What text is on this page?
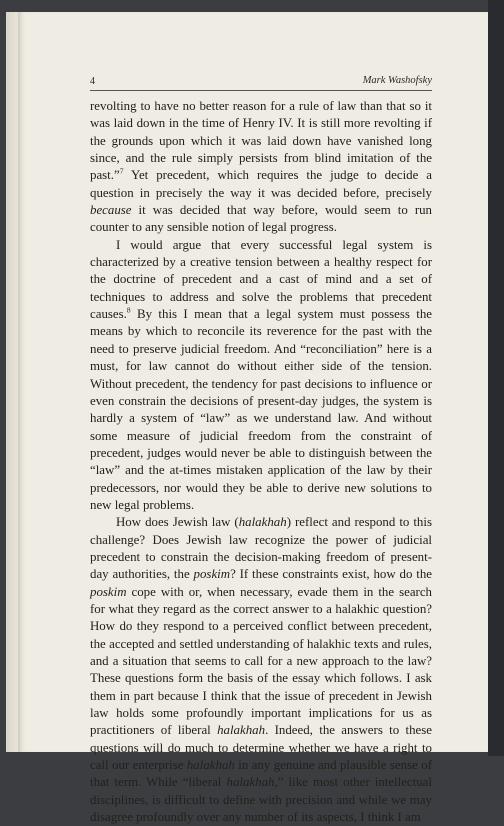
4	Mark Washofsky

revolting to have no better reason for a rule of law than that so it was laid down in the time of Henry IV. It is still more revolting if the grounds upon which it was laid down have vanished long since, and the rule simply persists from blind imitation of the past.”$^7$ Yet precedent, which requires the judge to decide a question in precisely the way it was decided before, precisely because it was decided that way before, would seem to run counter to any sensible notion of legal progress.

I would argue that every successful legal system is characterized by a creative tension between a healthy respect for the doctrine of precedent and a cast of mind and a set of techniques to address and solve the problems that precedent causes.$^8$ By this I mean that a legal system must possess the means by which to reconcile its reverence for the past with the need to preserve judicial freedom. And “reconciliation” here is a must, for law cannot do without either side of the tension. Without precedent, the tendency for past decisions to influence or even constrain the decisions of present-day judges, the system is hardly a system of “law” as we understand law. And without some measure of judicial freedom from the constraint of precedent, judges would never be able to distinguish between the “law” and the at-times mistaken application of the law by their predecessors, nor would they be able to derive new solutions to new legal problems.

How does Jewish law (halakhah) reflect and respond to this challenge? Does Jewish law recognize the power of judicial precedent to constrain the decision-making freedom of present-day authorities, the poskim? If these constraints exist, how do the poskim cope with or, when necessary, evade them in the search for what they regard as the correct answer to a halakhic question? How do they respond to a perceived conflict between precedent, the accepted and settled understanding of halakhic texts and rules, and a situation that seems to call for a new approach to the law? These questions form the basis of the essay which follows. I ask them in part because I think that the issue of precedent in Jewish law holds some profoundly important implications for us as practitioners of liberal halakhah. Indeed, the answers to these questions will do much to determine whether we have a right to call our enterprise halakhah in any genuine and plausible sense of that term. While “liberal halakhah,” like most other intellectual disciplines, is difficult to define with precision and while we may disagree profoundly over any number of its aspects, I think I am
